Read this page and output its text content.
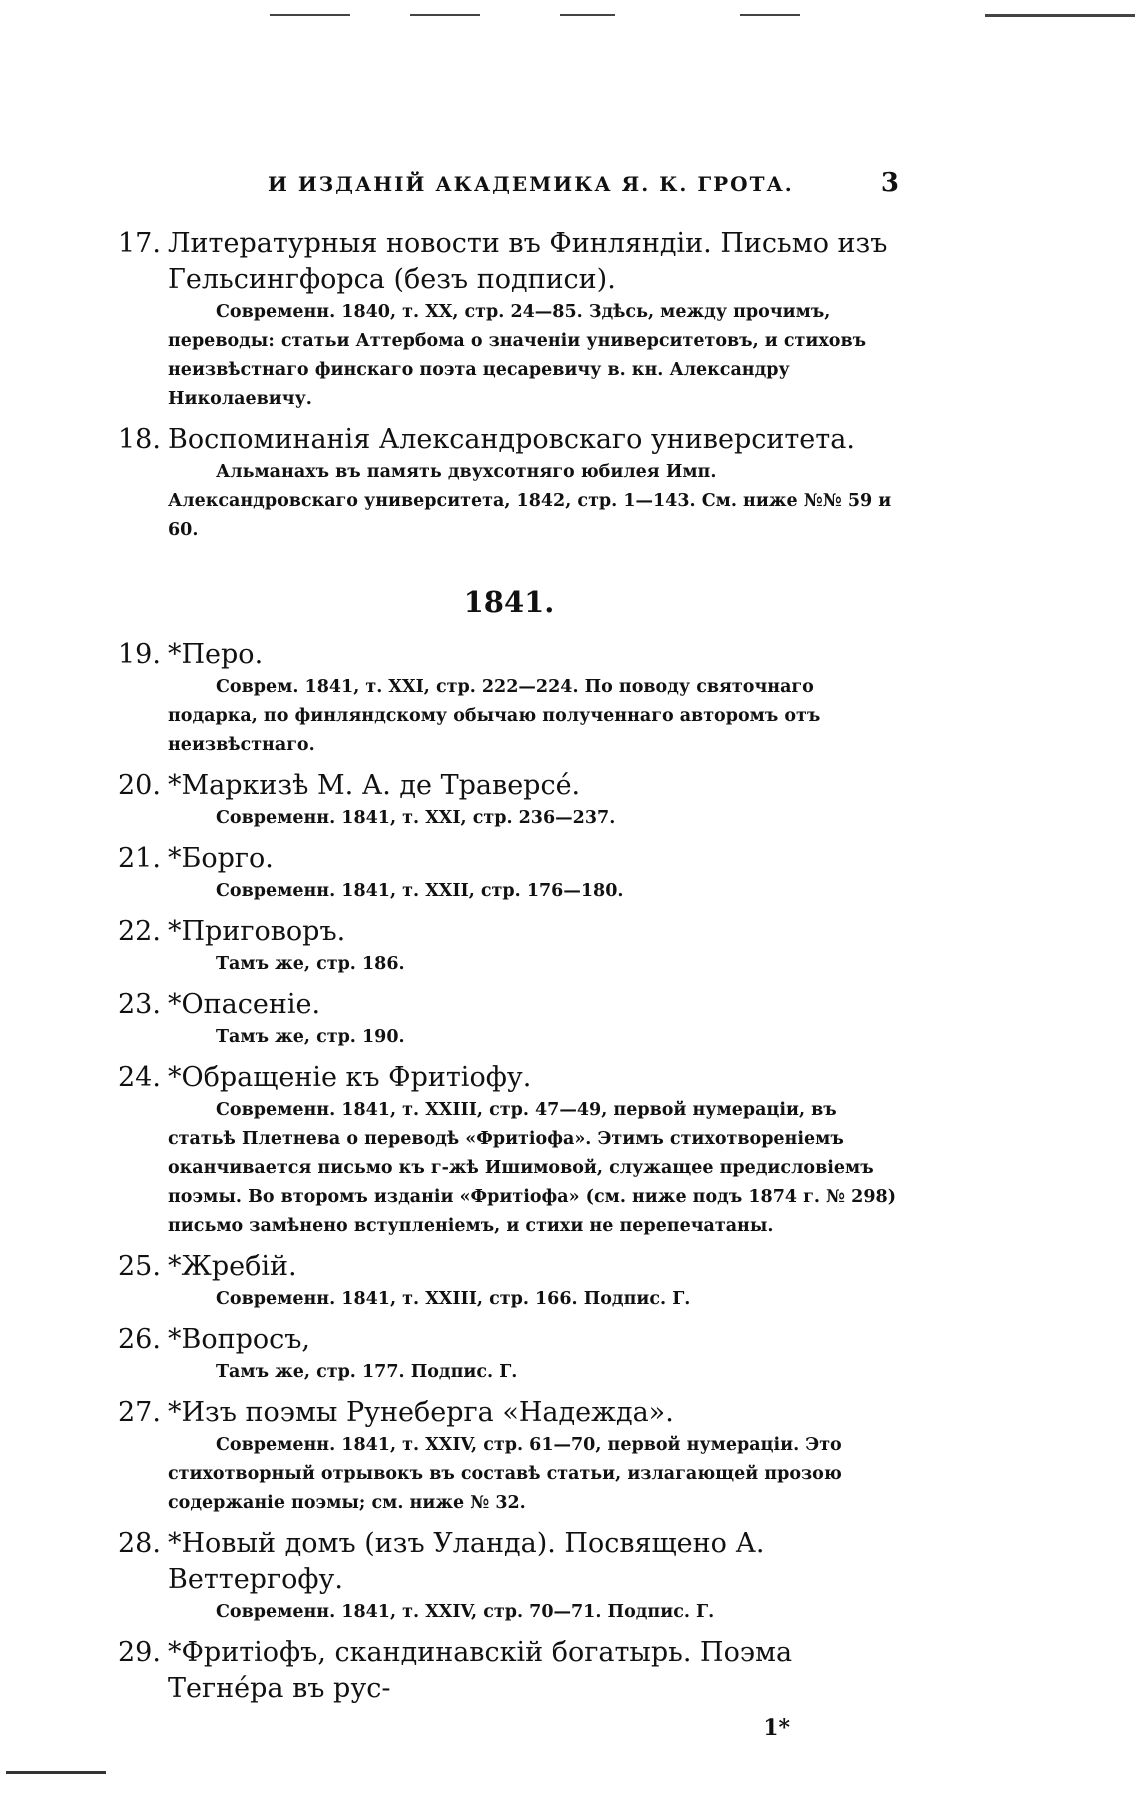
И ИЗДАНІЙ АКАДЕМИКА Я. К. ГРОТА.	3
17. Литературныя новости въ Финляндіи. Письмо изъ Гельсингфорса (безъ подписи).
Современн. 1840, т. XX, стр. 24—85. Здѣсь, между прочимъ, переводы: статьи Аттербома о значеніи университетовъ, и стиховъ неизвѣстнаго финскаго поэта цесаревичу в. кн. Александру Николаевичу.
18. Воспоминанія Александровскаго университета.
Альманахъ въ память двухсотняго юбилея Имп. Александровскаго университета, 1842, стр. 1—143. См. ниже №№ 59 и 60.
1841.
19. *Перо.
Соврем. 1841, т. XXI, стр. 222—224. По поводу святочнаго подарка, по финляндскому обычаю полученнаго авторомъ отъ неизвѣстнаго.
20. *Маркизѣ М. А. де Траверсé.
Современн. 1841, т. XXI, стр. 236—237.
21. *Борго.
Современн. 1841, т. XXII, стр. 176—180.
22. *Приговоръ.
Тамъ же, стр. 186.
23. *Опасеніе.
Тамъ же, стр. 190.
24. *Обращеніе къ Фритіофу.
Современн. 1841, т. XXIII, стр. 47—49, первой нумераціи, въ статьѣ Плетнева о переводѣ «Фритіофа». Этимъ стихотвореніемъ оканчивается письмо къ г-жѣ Ишимовой, служащее предисловіемъ поэмы. Во второмъ изданіи «Фритіофа» (см. ниже подъ 1874 г. № 298) письмо замѣнено вступленіемъ, и стихи не перепечатаны.
25. *Жребій.
Современн. 1841, т. XXIII, стр. 166. Подпис. Г.
26. *Вопросъ,
Тамъ же, стр. 177. Подпис. Г.
27. *Изъ поэмы Рунеберга «Надежда».
Современн. 1841, т. XXIV, стр. 61—70, первой нумераціи. Это стихотворный отрывокъ въ составѣ статьи, излагающей прозою содержаніе поэмы; см. ниже № 32.
28. *Новый домъ (изъ Уланда). Посвящено А. Веттергофу.
Современн. 1841, т. XXIV, стр. 70—71. Подпис. Г.
29. *Фритіофъ, скандинавскій богатырь. Поэма Тегнéра въ рус-
1*
